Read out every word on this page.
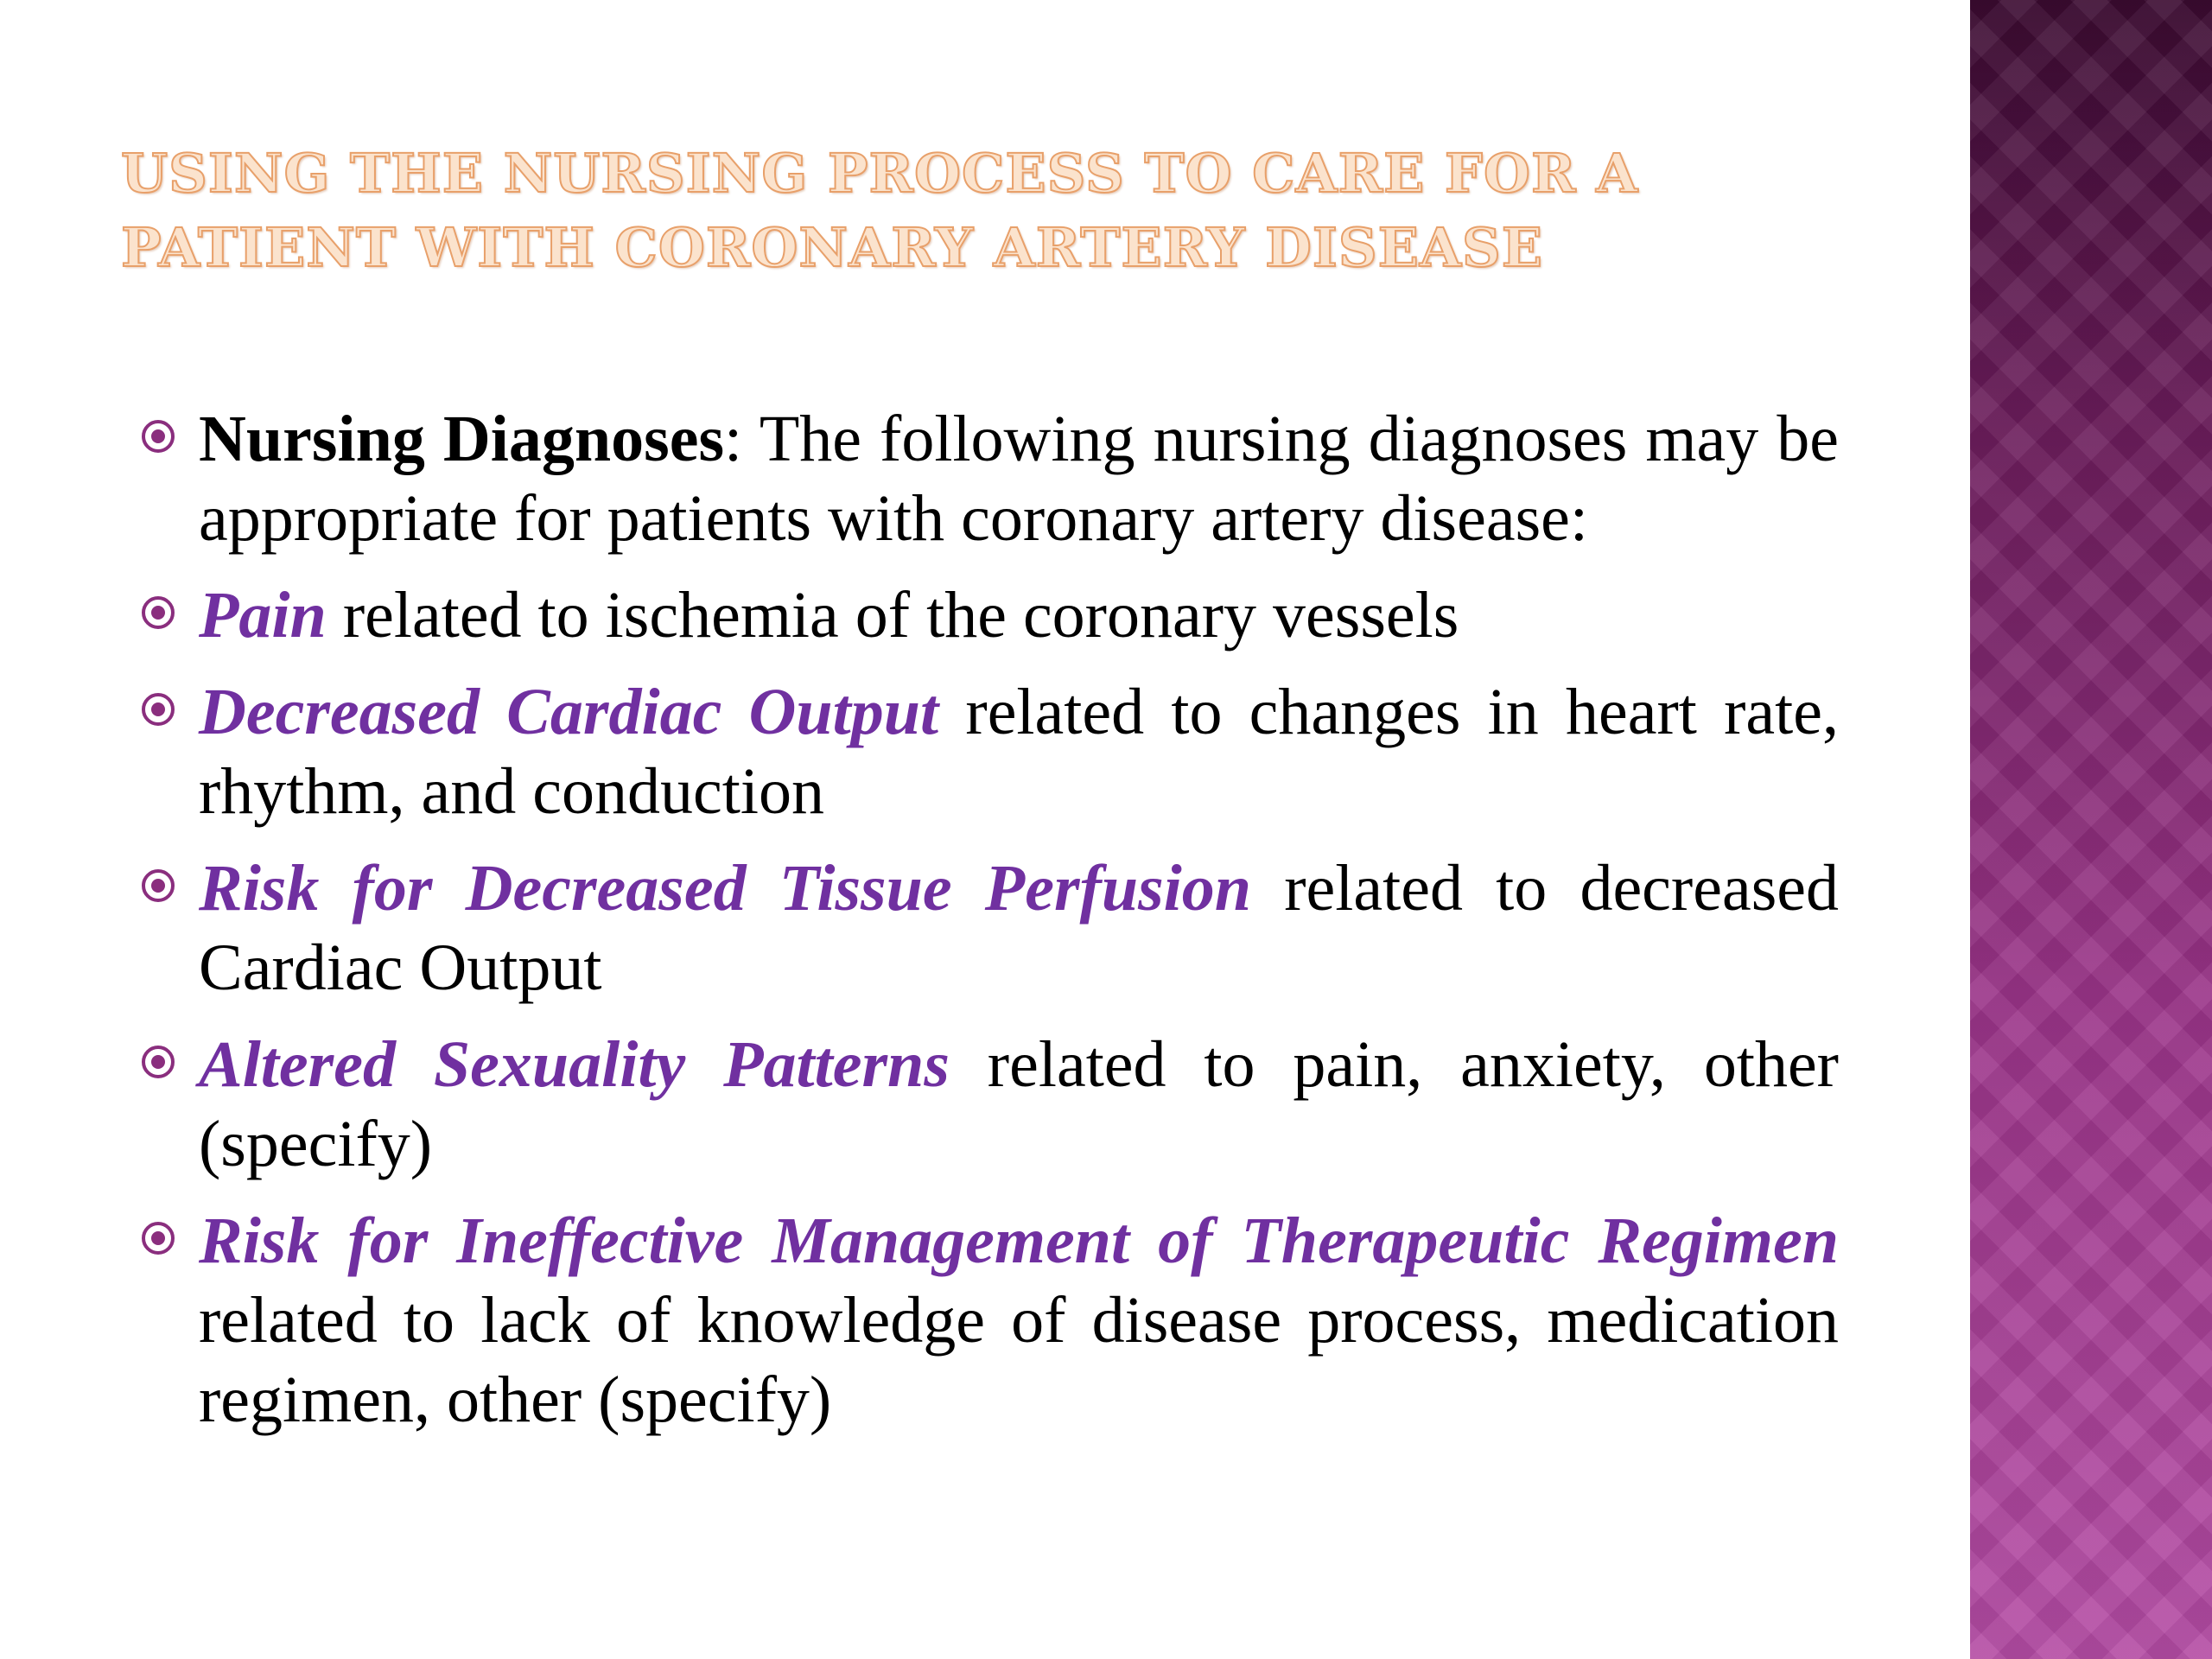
USING THE NURSING PROCESS TO CARE FOR A PATIENT WITH CORONARY ARTERY DISEASE
Nursing Diagnoses: The following nursing diagnoses may be appropriate for patients with coronary artery disease:
Pain related to ischemia of the coronary vessels
Decreased Cardiac Output related to changes in heart rate, rhythm, and conduction
Risk for Decreased Tissue Perfusion related to decreased Cardiac Output
Altered Sexuality Patterns related to pain, anxiety, other (specify)
Risk for Ineffective Management of Therapeutic Regimen related to lack of knowledge of disease process, medication regimen, other (specify)
